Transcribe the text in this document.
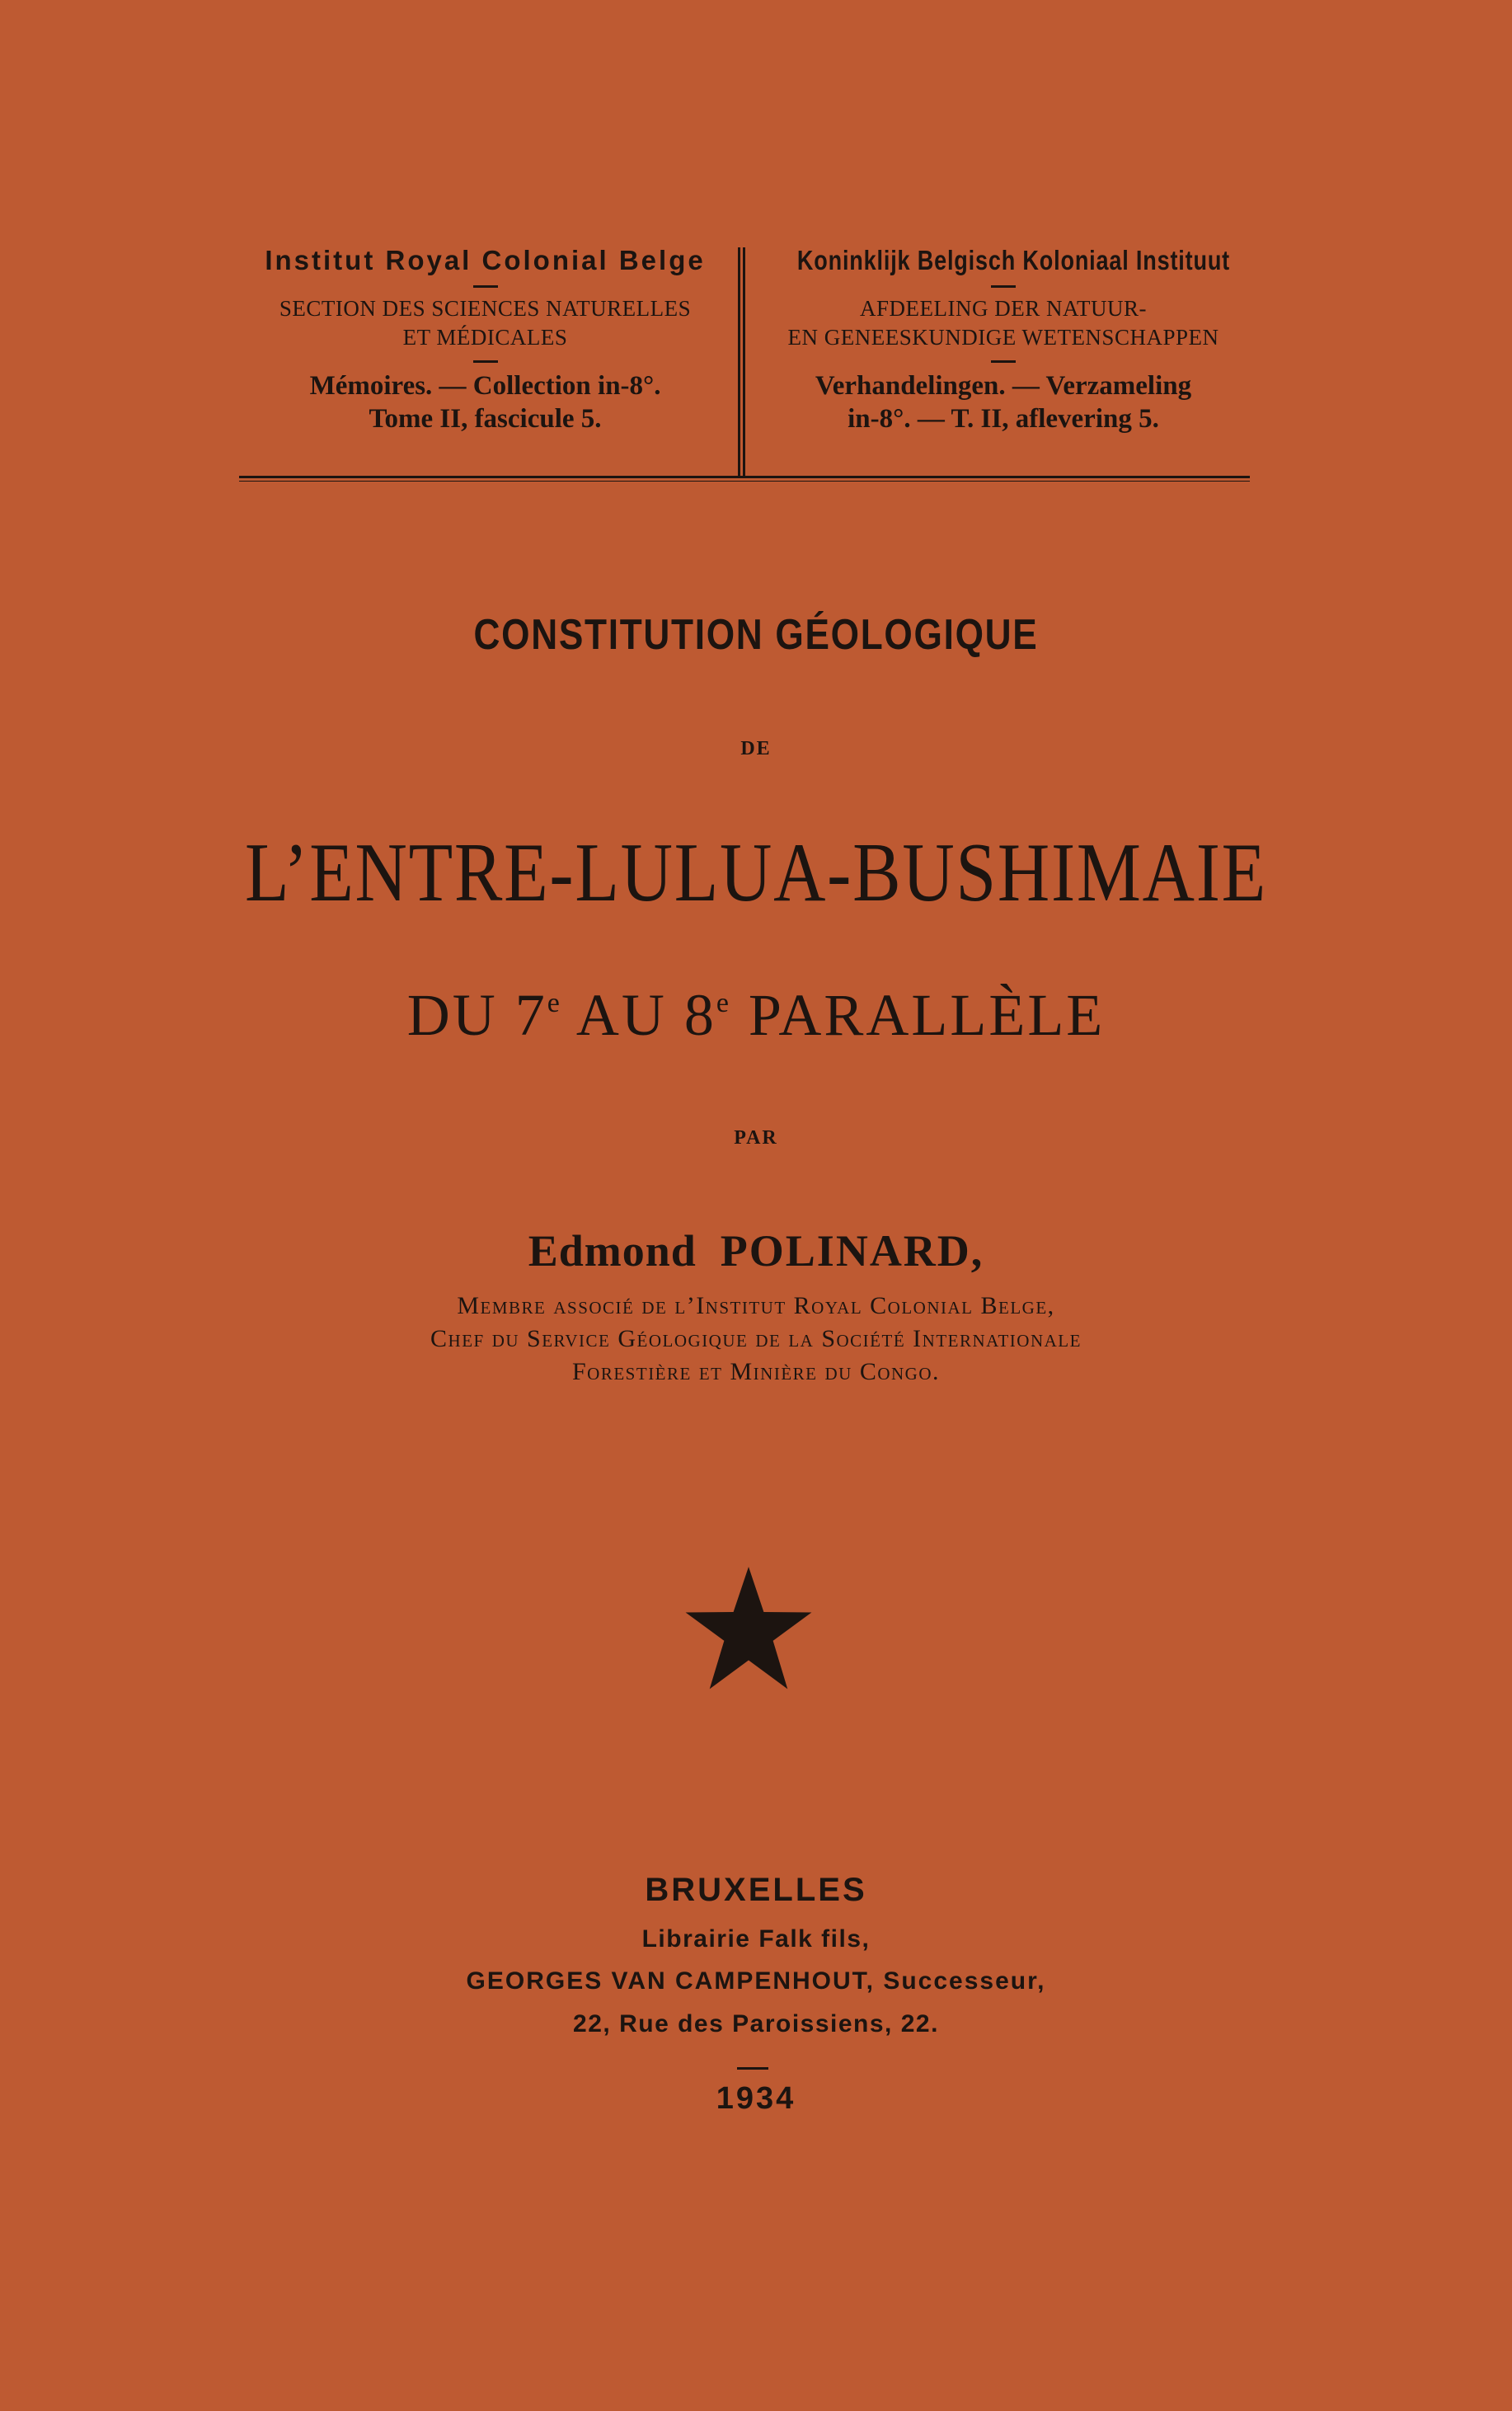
Institut Royal Colonial Belge
SECTION DES SCIENCES NATURELLES
ET MÉDICALES
Mémoires. — Collection in-8°.
Tome II, fascicule 5.
Koninklijk Belgisch Koloniaal Instituut
AFDEELING DER NATUUR-
EN GENEESKUNDIGE WETENSCHAPPEN
Verhandelingen. — Verzameling
in-8°. — T. II, aflevering 5.
CONSTITUTION GÉOLOGIQUE
DE
L’ENTRE-LULUA-BUSHIMAIE
DU 7e AU 8e PARALLÈLE
PAR
Edmond POLINARD,
Membre associé de l’Institut Royal Colonial Belge,
Chef du Service Géologique de la Société Internationale
Forestière et Minière du Congo.
BRUXELLES
Librairie Falk fils,
GEORGES VAN CAMPENHOUT, Successeur,
22, Rue des Paroissiens, 22.
1934
